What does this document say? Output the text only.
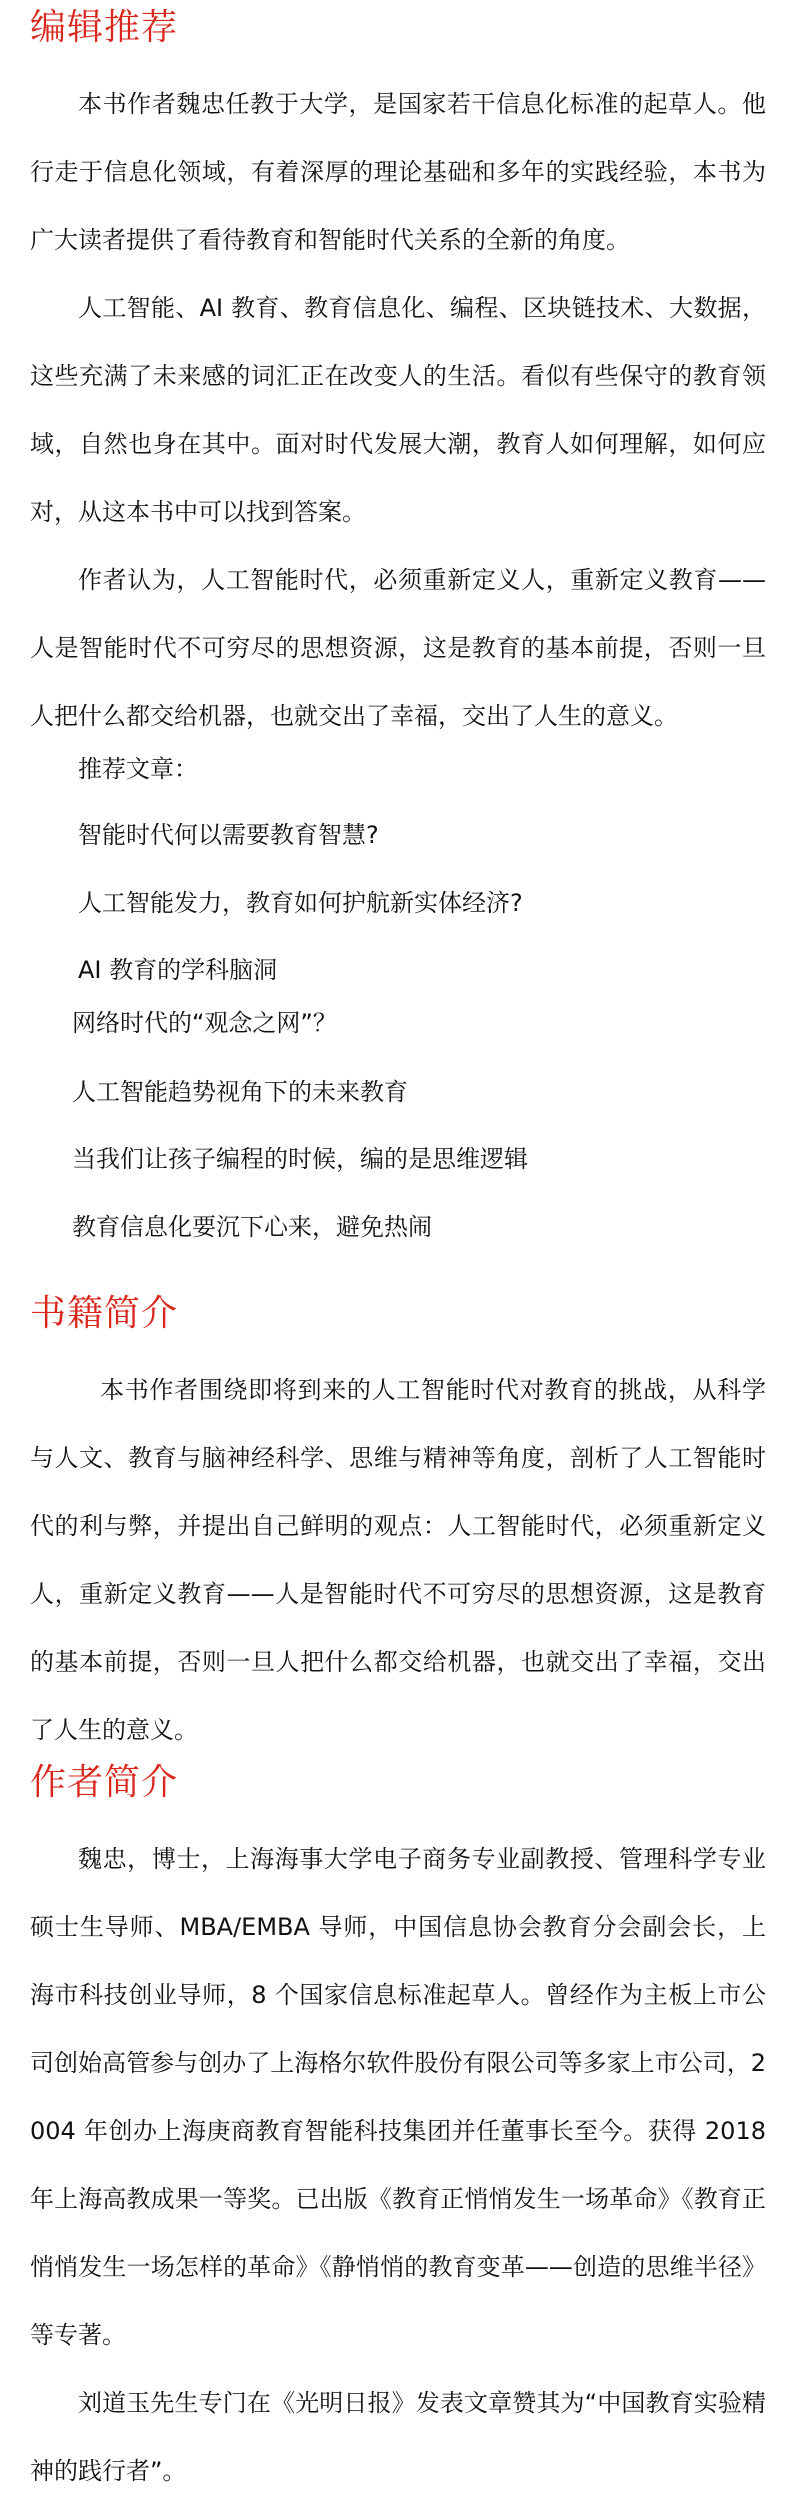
编辑推荐

本书作者魏忠任教于大学，是国家若干信息化标准的起草人。他行走于信息化领域，有着深厚的理论基础和多年的实践经验，本书为广大读者提供了看待教育和智能时代关系的全新的角度。

人工智能、AI 教育、教育信息化、编程、区块链技术、大数据，这些充满了未来感的词汇正在改变人的生活。看似有些保守的教育领域，自然也身在其中。面对时代发展大潮，教育人如何理解，如何应对，从这本书中可以找到答案。

作者认为，人工智能时代，必须重新定义人，重新定义教育——人是智能时代不可穷尽的思想资源，这是教育的基本前提，否则一旦人把什么都交给机器，也就交出了幸福，交出了人生的意义。

推荐文章：
智能时代何以需要教育智慧?
人工智能发力，教育如何护航新实体经济?
AI 教育的学科脑洞
网络时代的“观念之网”？
人工智能趋势视角下的未来教育
当我们让孩子编程的时候，编的是思维逻辑
教育信息化要沉下心来，避免热闹
书籍简介

本书作者围绕即将到来的人工智能时代对教育的挑战，从科学与人文、教育与脑神经科学、思维与精神等角度，剖析了人工智能时代的利与弊，并提出自己鲜明的观点：人工智能时代，必须重新定义人，重新定义教育——人是智能时代不可穷尽的思想资源，这是教育的基本前提，否则一旦人把什么都交给机器，也就交出了幸福，交出了人生的意义。

作者简介

魏忠，博士，上海海事大学电子商务专业副教授、管理科学专业硕士生导师、MBA/EMBA 导师，中国信息协会教育分会副会长，上海市科技创业导师，8 个国家信息标准起草人。曾经作为主板上市公司创始高管参与创办了上海格尔软件股份有限公司等多家上市公司，2004 年创办上海庚商教育智能科技集团并任董事长至今。获得 2018 年上海高教成果一等奖。已出版《教育正悄悄发生一场革命》《教育正悄悄发生一场怎样的革命》《静悄悄的教育变革——创造的思维半径》等专著。

刘道玉先生专门在《光明日报》发表文章赞其为“中国教育实验精神的践行者”。
